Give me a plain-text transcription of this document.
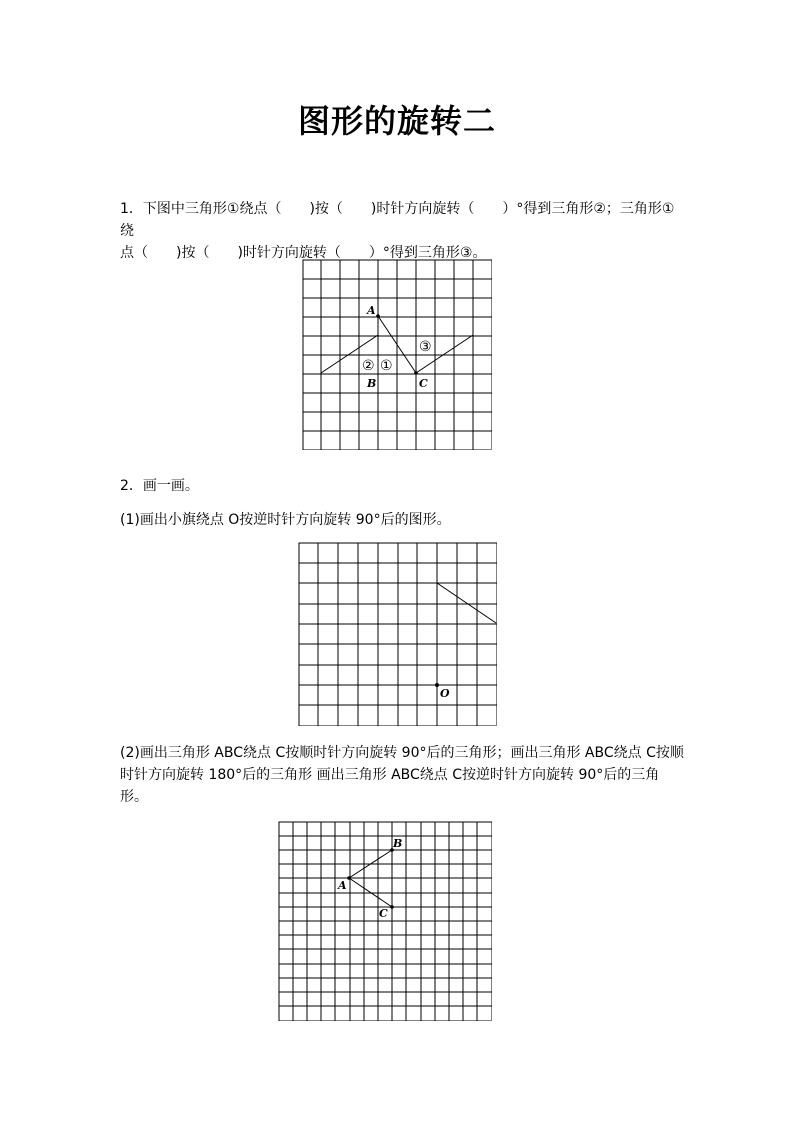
图形的旋转二
1．下图中三角形①绕点（　　)按（　　)时针方向旋转（　　）°得到三角形②；三角形①绕
点（　　)按（　　)时针方向旋转（　　）°得到三角形③。
A
B	C
② ①
③
2．画一画。
(1)画出小旗绕点 O按逆时针方向旋转 90°后的图形。
O
(2)画出三角形 ABC绕点 C按顺时针方向旋转 90°后的三角形；画出三角形 ABC绕点 C按顺
时针方向旋转 180°后的三角形 画出三角形 ABC绕点 C按逆时针方向旋转 90°后的三角形。
A
B
C
